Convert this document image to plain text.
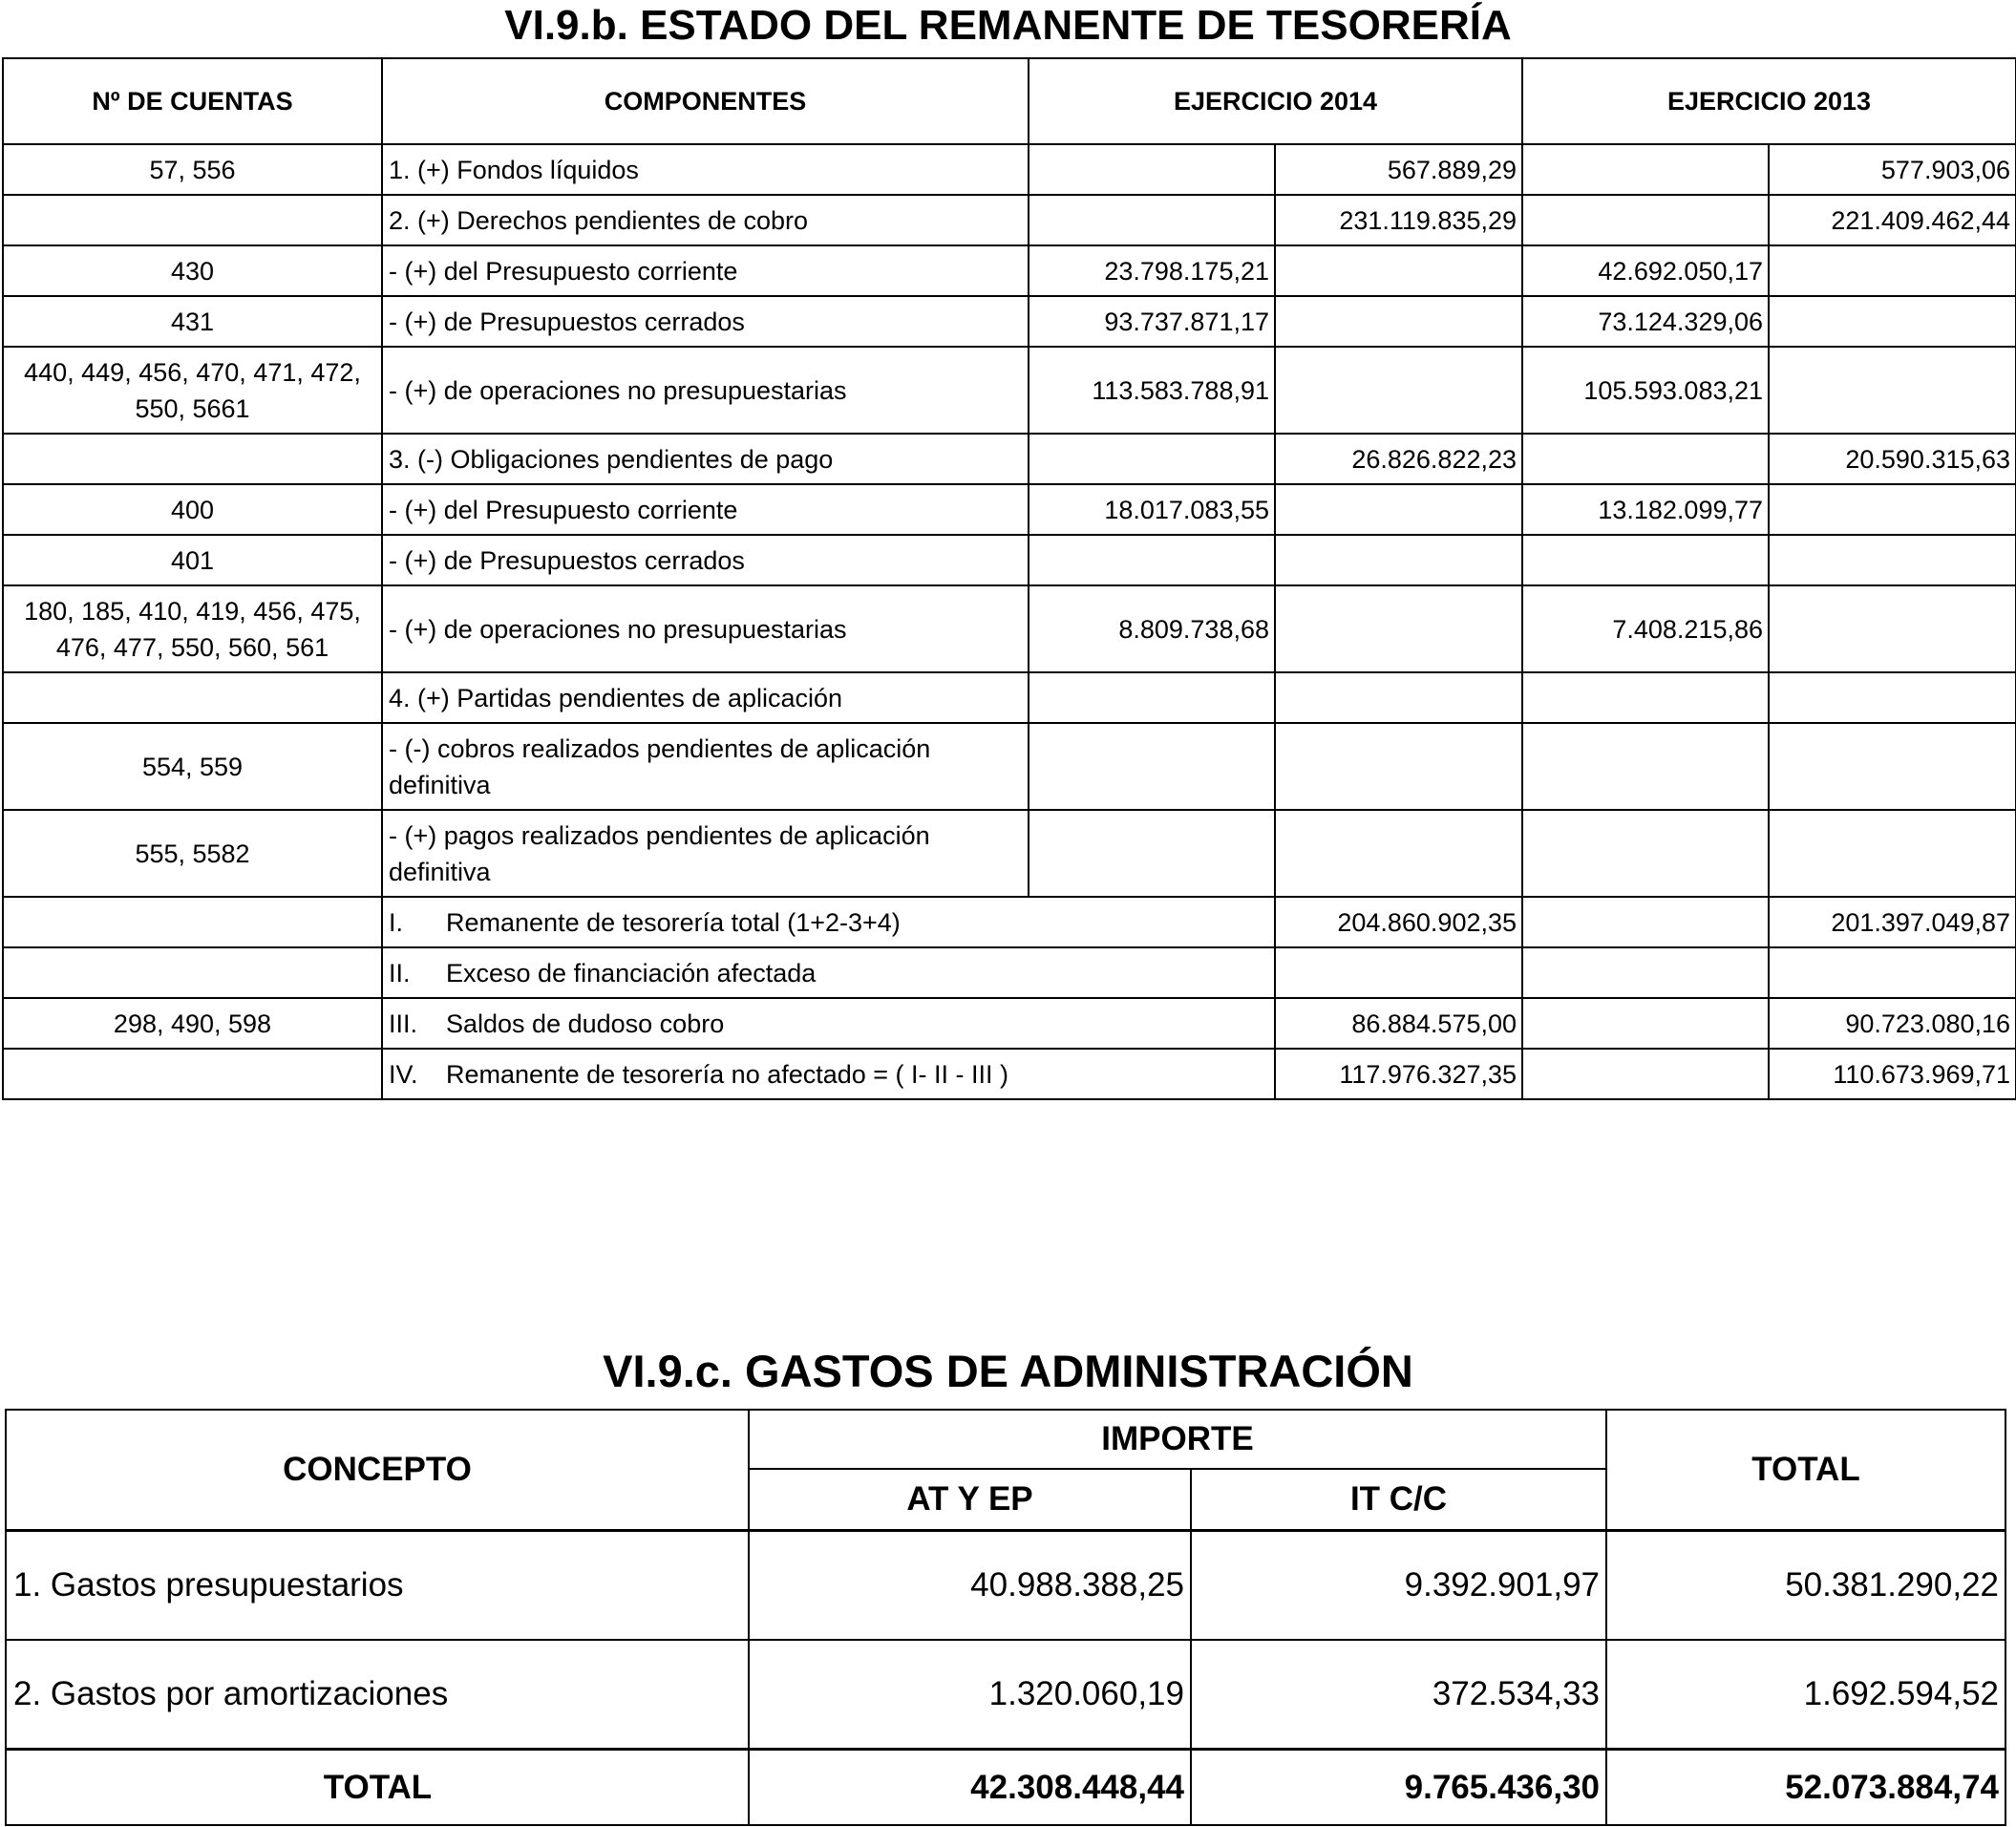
VI.9.b. ESTADO DEL REMANENTE DE TESORERÍA
Nº DE CUENTAS	COMPONENTES	EJERCICIO 2014		EJERCICIO 2013	
57, 556	1. (+) Fondos líquidos		567.889,29		577.903,06
	2. (+) Derechos pendientes de cobro		231.119.835,29		221.409.462,44
430	- (+) del Presupuesto corriente	23.798.175,21		42.692.050,17	
431	- (+) de Presupuestos cerrados	93.737.871,17		73.124.329,06	
440, 449, 456, 470, 471, 472, 550, 5661	- (+) de operaciones no presupuestarias	113.583.788,91		105.593.083,21	
	3. (-) Obligaciones pendientes de pago		26.826.822,23		20.590.315,63
400	- (+) del Presupuesto corriente	18.017.083,55		13.182.099,77	
401	- (+) de Presupuestos cerrados				
180, 185, 410, 419, 456, 475, 476, 477, 550, 560, 561	- (+) de operaciones no presupuestarias	8.809.738,68		7.408.215,86	
	4. (+) Partidas pendientes de aplicación				
554, 559	- (-) cobros realizados pendientes de aplicación definitiva				
555, 5582	- (+) pagos realizados pendientes de aplicación definitiva				
	I. Remanente de tesorería total (1+2-3+4)		204.860.902,35		201.397.049,87
	II. Exceso de financiación afectada				
298, 490, 598	III. Saldos de dudoso cobro		86.884.575,00		90.723.080,16
	IV. Remanente de tesorería no afectado = ( I- II - III )		117.976.327,35		110.673.969,71
VI.9.c. GASTOS DE ADMINISTRACIÓN
CONCEPTO	IMPORTE		TOTAL
	AT Y EP	IT C/C	
1. Gastos presupuestarios	40.988.388,25	9.392.901,97	50.381.290,22
2. Gastos por amortizaciones	1.320.060,19	372.534,33	1.692.594,52
TOTAL	42.308.448,44	9.765.436,30	52.073.884,74
